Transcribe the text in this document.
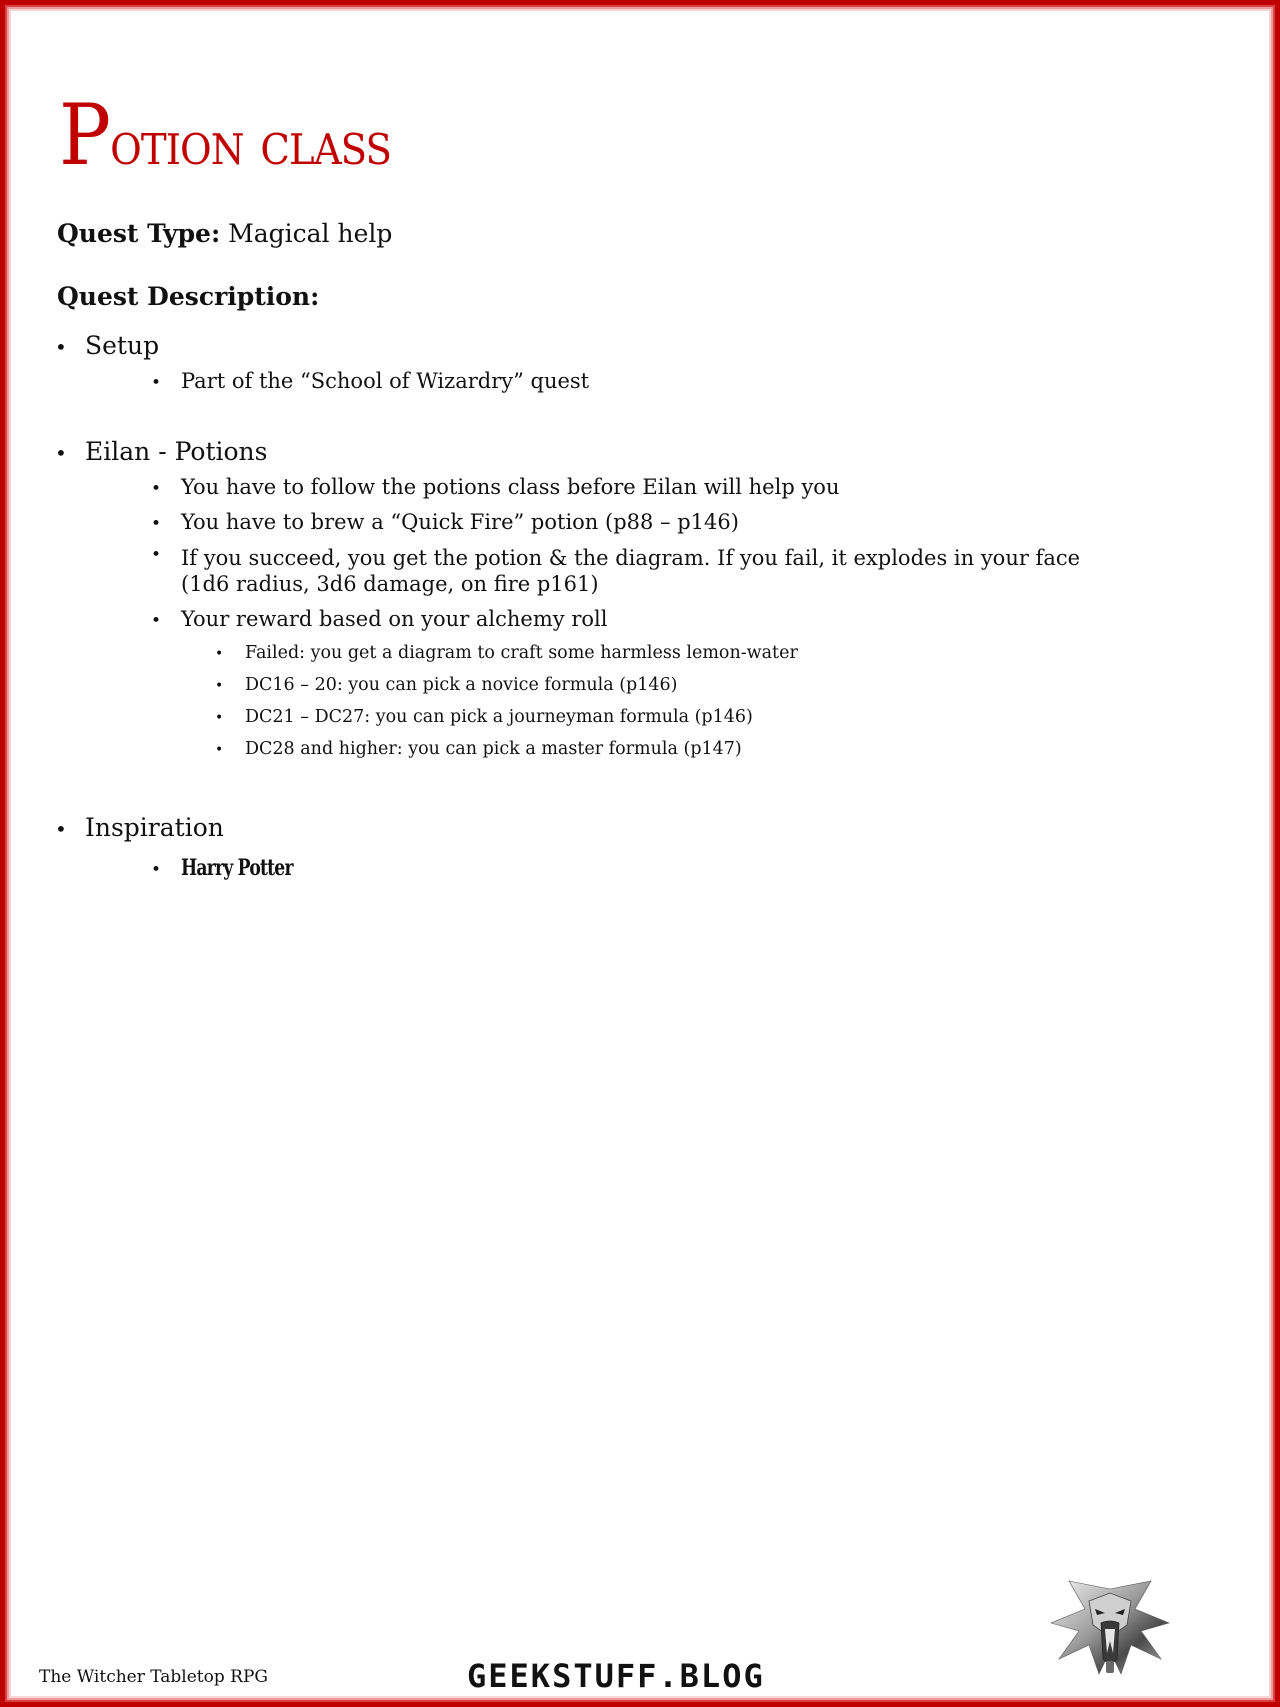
Potion class
Quest Type: Magical help
Quest Description:
• Setup
• Part of the “School of Wizardry” quest
• Eilan - Potions
• You have to follow the potions class before Eilan will help you
• You have to brew a “Quick Fire” potion (p88 – p146)
• If you succeed, you get the potion & the diagram. If you fail, it explodes in your face (1d6 radius, 3d6 damage, on fire p161)
• Your reward based on your alchemy roll
• Failed: you get a diagram to craft some harmless lemon-water
• DC16 – 20: you can pick a novice formula (p146)
• DC21 – DC27: you can pick a journeyman formula (p146)
• DC28 and higher: you can pick a master formula (p147)
• Inspiration
• Harry Potter
The Witcher Tabletop RPG	GEEKSTUFF.BLOG
